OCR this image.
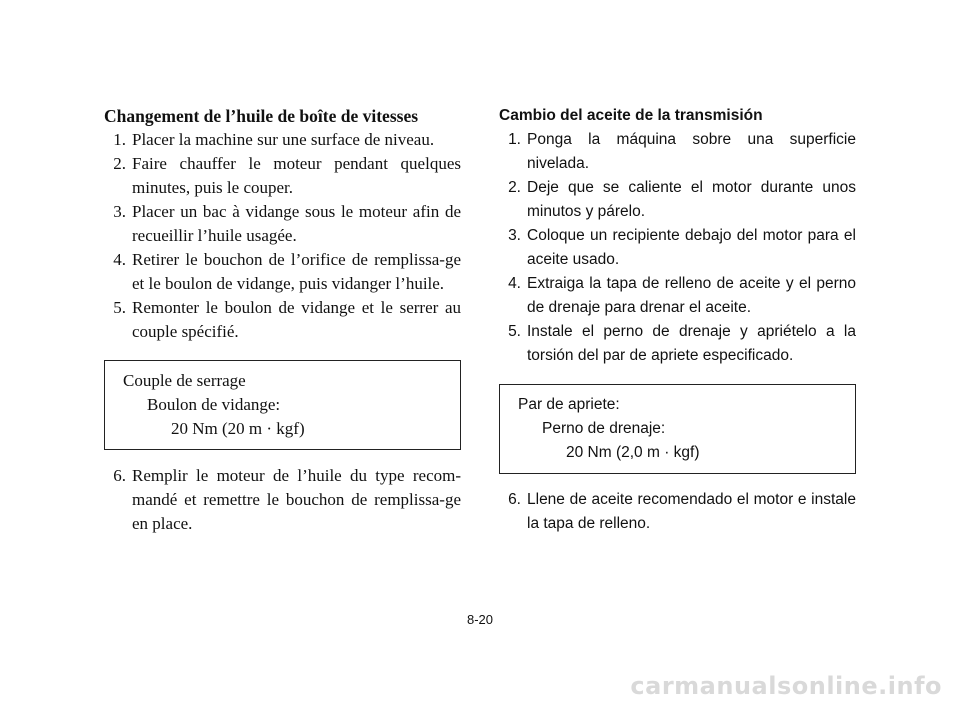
Changement de l’huile de boîte de vitesses
1. Placer la machine sur une surface de niveau.
2. Faire chauffer le moteur pendant quelques minutes, puis le couper.
3. Placer un bac à vidange sous le moteur afin de recueillir l’huile usagée.
4. Retirer le bouchon de l’orifice de remplissa-ge et le boulon de vidange, puis vidanger l’huile.
5. Remonter le boulon de vidange et le serrer au couple spécifié.
Couple de serrage
Boulon de vidange:
20 Nm (20 m · kgf)
6. Remplir le moteur de l’huile du type recom-mandé et remettre le bouchon de remplissa-ge en place.
Cambio del aceite de la transmisión
1. Ponga la máquina sobre una superficie nivelada.
2. Deje que se caliente el motor durante unos minutos y párelo.
3. Coloque un recipiente debajo del motor para el aceite usado.
4. Extraiga la tapa de relleno de aceite y el perno de drenaje para drenar el aceite.
5. Instale el perno de drenaje y apriételo a la torsión del par de apriete especificado.
Par de apriete:
Perno de drenaje:
20 Nm (2,0 m · kgf)
6. Llene de aceite recomendado el motor e instale la tapa de relleno.
8-20
carmanualsonline.info
